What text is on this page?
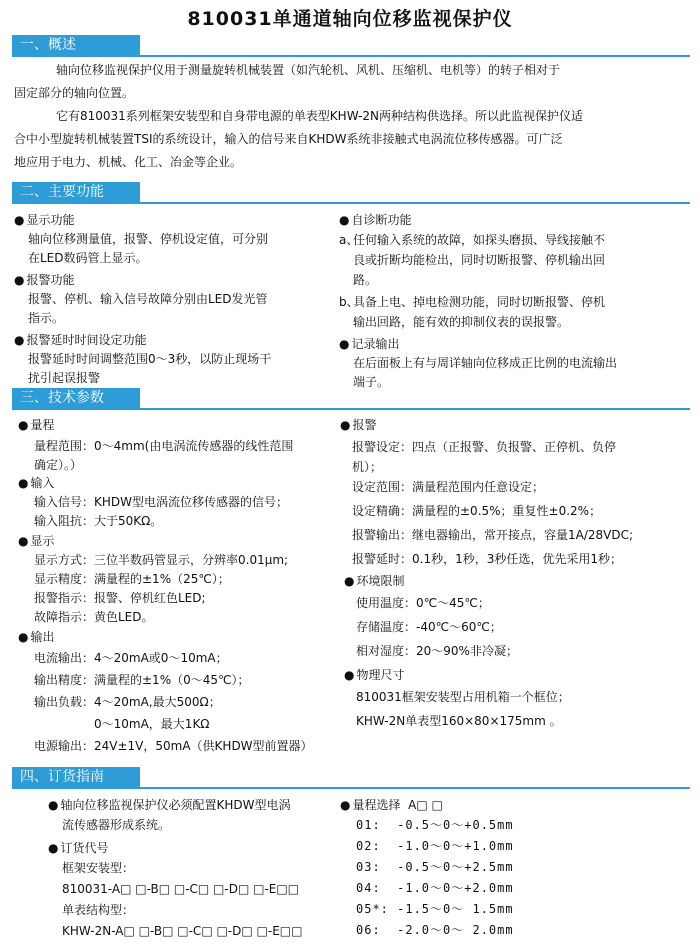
810031单通道轴向位移监视保护仪
一、概述
轴向位移监视保护仪用于测量旋转机械装置（如汽轮机、风机、压缩机、电机等）的转子相对于
固定部分的轴向位置。
它有810031系列框架安装型和自身带电源的单表型KHW-2N两种结构供选择。所以此监视保护仪适
合中小型旋转机械装置TSI的系统设计，输入的信号来自KHDW系统非接触式电涡流位移传感器。可广泛
地应用于电力、机械、化工、冶金等企业。
二、主要功能
● 显示功能
轴向位移测量值，报警、停机设定值，可分别
在LED数码管上显示。
● 报警功能
报警、停机、输入信号故障分别由LED发光管
指示。
● 报警延时时间设定功能
报警延时时间调整范围0～3秒，以防止现场干
扰引起误报警
● 自诊断功能
a、
任何输入系统的故障，如探头磨损、导线接触不
良或折断均能检出，同时切断报警、停机输出回
路。
b、
具备上电、掉电检测功能，同时切断报警、停机
输出回路，能有效的抑制仪表的误报警。
● 记录输出
在后面板上有与周详轴向位移成正比例的电流输出
端子。
三、技术参数
● 量程
量程范围：0～4mm(由电涡流传感器的线性范围
确定）。）
● 输入
输入信号：KHDW型电涡流位移传感器的信号；
输入阻抗：大于50KΩ。
● 显示
显示方式：三位半数码管显示，分辨率0.01μm;
显示精度：满量程的±1%（25℃）；
报警指示：报警、停机红色LED;
故障指示：黄色LED。
● 输出
电流输出：4～20mA或0～10mA；
输出精度：满量程的±1%（0～45℃）；
输出负载：4～20mA,最大500Ω；
0～10mA，最大1KΩ
电源输出：24V±1V，50mA（供KHDW型前置器）
● 报警
报警设定：四点（正报警、负报警、正停机、负停
机）；
设定范围：满量程范围内任意设定；
设定精确：满量程的±0.5%；重复性±0.2%；
报警输出：继电器输出，常开接点，容量1A/28VDC;
报警延时：0.1秒，1秒，3秒任选，优先采用1秒；
● 环境限制
使用温度：0℃～45℃；
存储温度：-40℃～60℃；
相对湿度：20～90%非冷凝；
● 物理尺寸
810031框架安装型占用机箱一个框位；
KHW-2N单表型160×80×175mm 。
四、订货指南
● 轴向位移监视保护仪必须配置KHDW型电涡
流传感器形成系统。
● 订货代号
框架安装型：
810031-A□ □-B□ □-C□ □-D□ □-E□□
单表结构型：
KHW-2N-A□ □-B□ □-C□ □-D□ □-E□□
● 量程选择  A□ □
01:  -0.5～0～+0.5mm
02:  -1.0～0～+1.0mm
03:  -0.5～0～+2.5mm
04:  -1.0～0～+2.0mm
05*: -1.5～0～ 1.5mm
06:  -2.0～0～ 2.0mm
